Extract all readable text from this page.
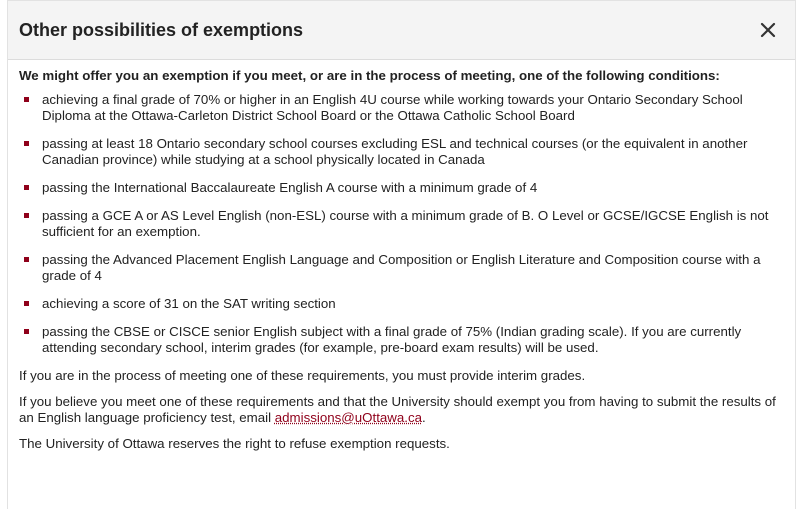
Other possibilities of exemptions

We might offer you an exemption if you meet, or are in the process of meeting, one of the following conditions:

achieving a final grade of 70% or higher in an English 4U course while working towards your Ontario Secondary School Diploma at the Ottawa-Carleton District School Board or the Ottawa Catholic School Board
passing at least 18 Ontario secondary school courses excluding ESL and technical courses (or the equivalent in another Canadian province) while studying at a school physically located in Canada
passing the International Baccalaureate English A course with a minimum grade of 4
passing a GCE A or AS Level English (non-ESL) course with a minimum grade of B. O Level or GCSE/IGCSE English is not sufficient for an exemption.
passing the Advanced Placement English Language and Composition or English Literature and Composition course with a grade of 4
achieving a score of 31 on the SAT writing section
passing the CBSE or CISCE senior English subject with a final grade of 75% (Indian grading scale). If you are currently attending secondary school, interim grades (for example, pre-board exam results) will be used.

If you are in the process of meeting one of these requirements, you must provide interim grades.

If you believe you meet one of these requirements and that the University should exempt you from having to submit the results of an English language proficiency test, email admissions@uOttawa.ca.

The University of Ottawa reserves the right to refuse exemption requests.
